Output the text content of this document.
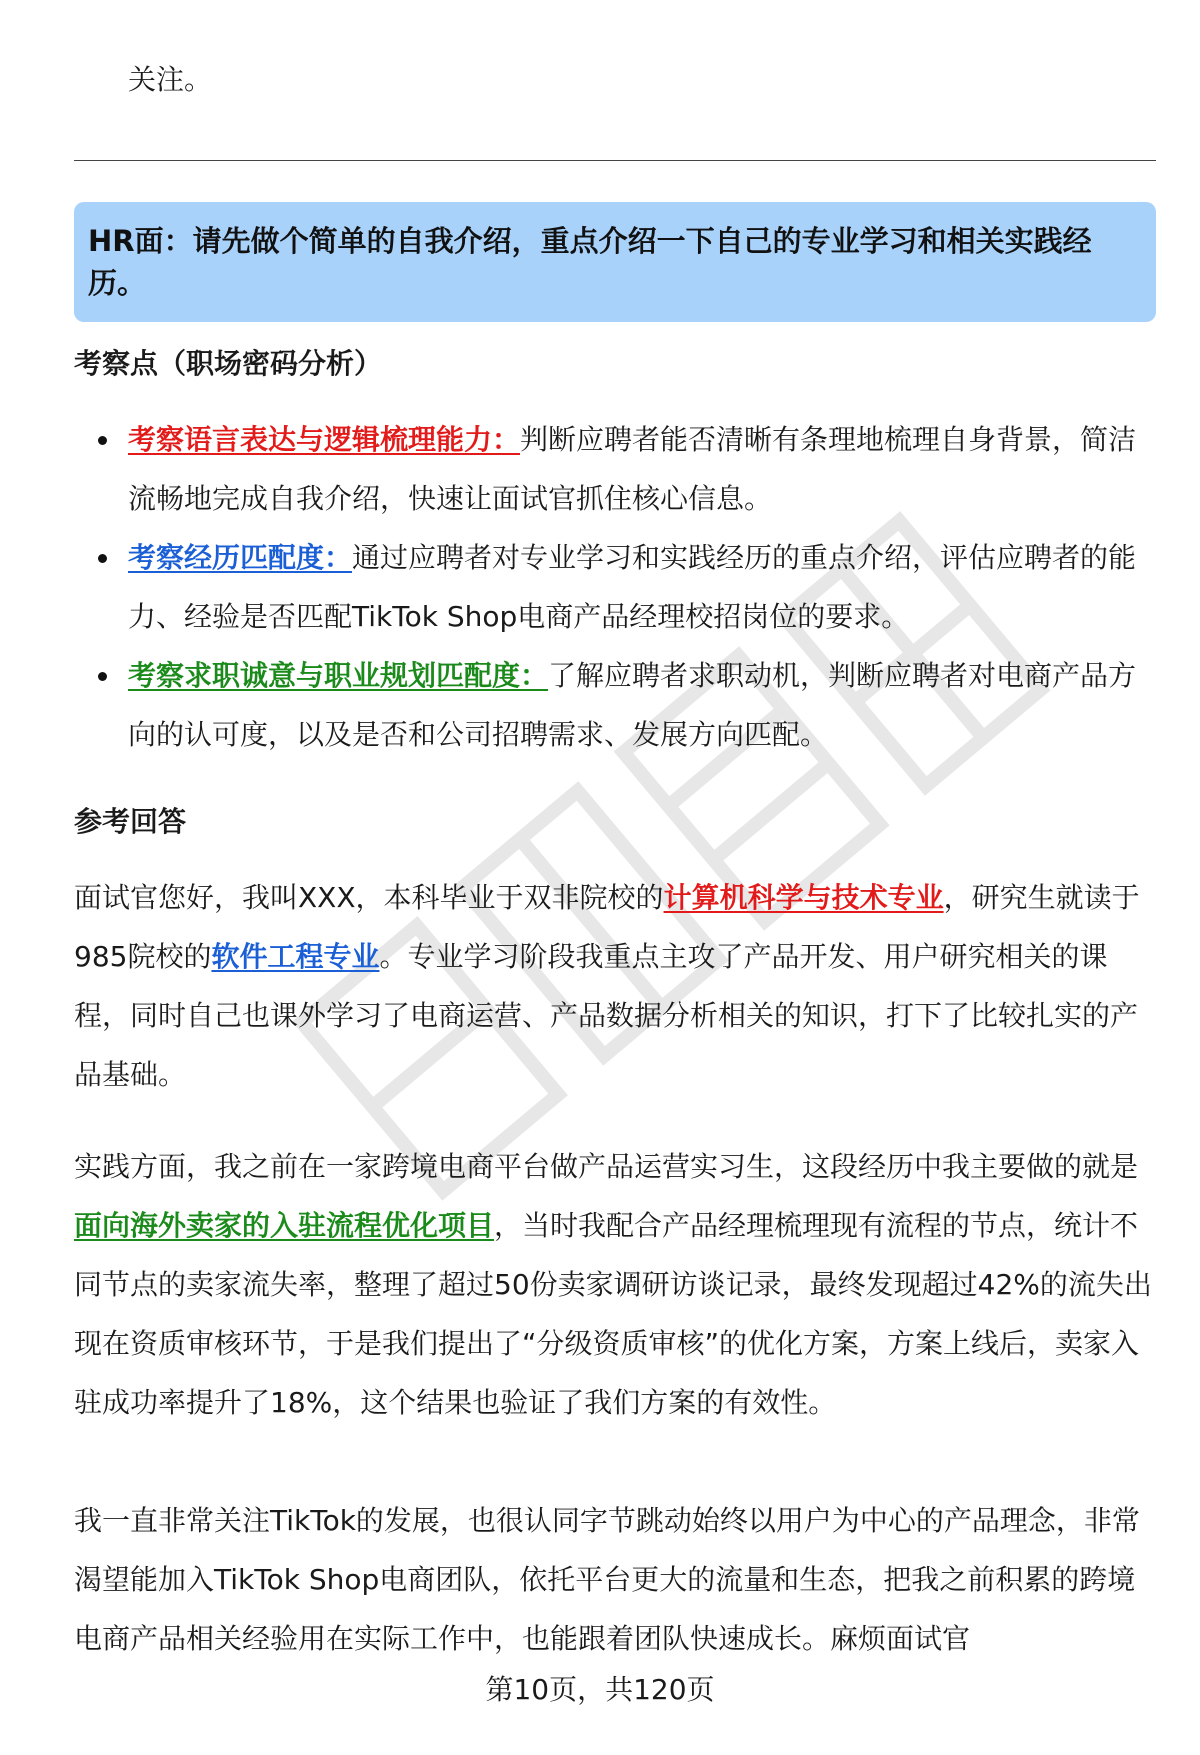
关注。
HR面：请先做个简单的自我介绍，重点介绍一下自己的专业学习和相关实践经历。
考察点（职场密码分析）
考察语言表达与逻辑梳理能力：判断应聘者能否清晰有条理地梳理自身背景，简洁流畅地完成自我介绍，快速让面试官抓住核心信息。
考察经历匹配度：通过应聘者对专业学习和实践经历的重点介绍，评估应聘者的能力、经验是否匹配TikTok Shop电商产品经理校招岗位的要求。
考察求职诚意与职业规划匹配度：了解应聘者求职动机，判断应聘者对电商产品方向的认可度，以及是否和公司招聘需求、发展方向匹配。
参考回答

面试官您好，我叫XXX，本科毕业于双非院校的计算机科学与技术专业，研究生就读于985院校的软件工程专业。专业学习阶段我重点主攻了产品开发、用户研究相关的课程，同时自己也课外学习了电商运营、产品数据分析相关的知识，打下了比较扎实的产品基础。

实践方面，我之前在一家跨境电商平台做产品运营实习生，这段经历中我主要做的就是面向海外卖家的入驻流程优化项目，当时我配合产品经理梳理现有流程的节点，统计不同节点的卖家流失率，整理了超过50份卖家调研访谈记录，最终发现超过42%的流失出现在资质审核环节，于是我们提出了“分级资质审核”的优化方案，方案上线后，卖家入驻成功率提升了18%，这个结果也验证了我们方案的有效性。

我一直非常关注TikTok的发展，也很认同字节跳动始终以用户为中心的产品理念，非常渴望能加入TikTok Shop电商团队，依托平台更大的流量和生态，把我之前积累的跨境电商产品相关经验用在实际工作中，也能跟着团队快速成长。麻烦面试官

第10页，共120页
